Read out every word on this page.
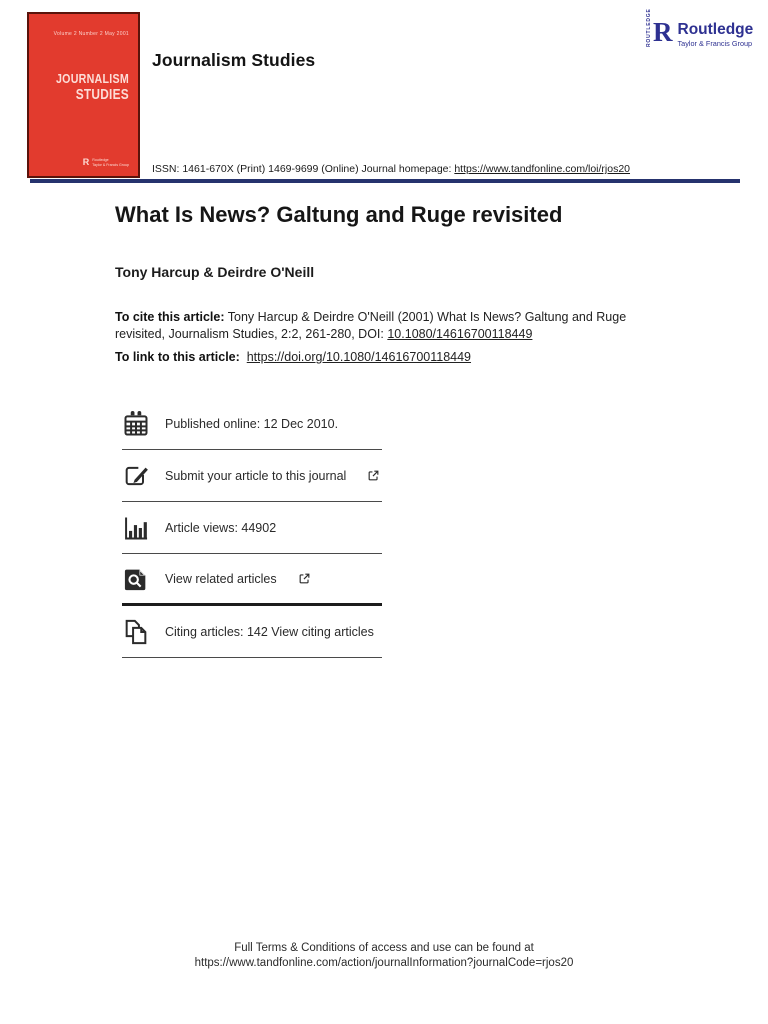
Volume 2 Number 2 May 2001
JOURNALISM
STUDIES
R Routledge
Taylor & Francis Group
Journalism Studies
ROUTLEDGE R Routledge
Taylor & Francis Group
ISSN: 1461-670X (Print) 1469-9699 (Online) Journal homepage: https://www.tandfonline.com/loi/rjos20
What Is News? Galtung and Ruge revisited
Tony Harcup & Deirdre O'Neill

To cite this article: Tony Harcup & Deirdre O'Neill (2001) What Is News? Galtung and Ruge revisited, Journalism Studies, 2:2, 261-280, DOI: 10.1080/14616700118449

To link to this article: https://doi.org/10.1080/14616700118449

Published online: 12 Dec 2010.
Submit your article to this journal
Article views: 44902
View related articles
Citing articles: 142 View citing articles
Full Terms & Conditions of access and use can be found at
https://www.tandfonline.com/action/journalInformation?journalCode=rjos20
